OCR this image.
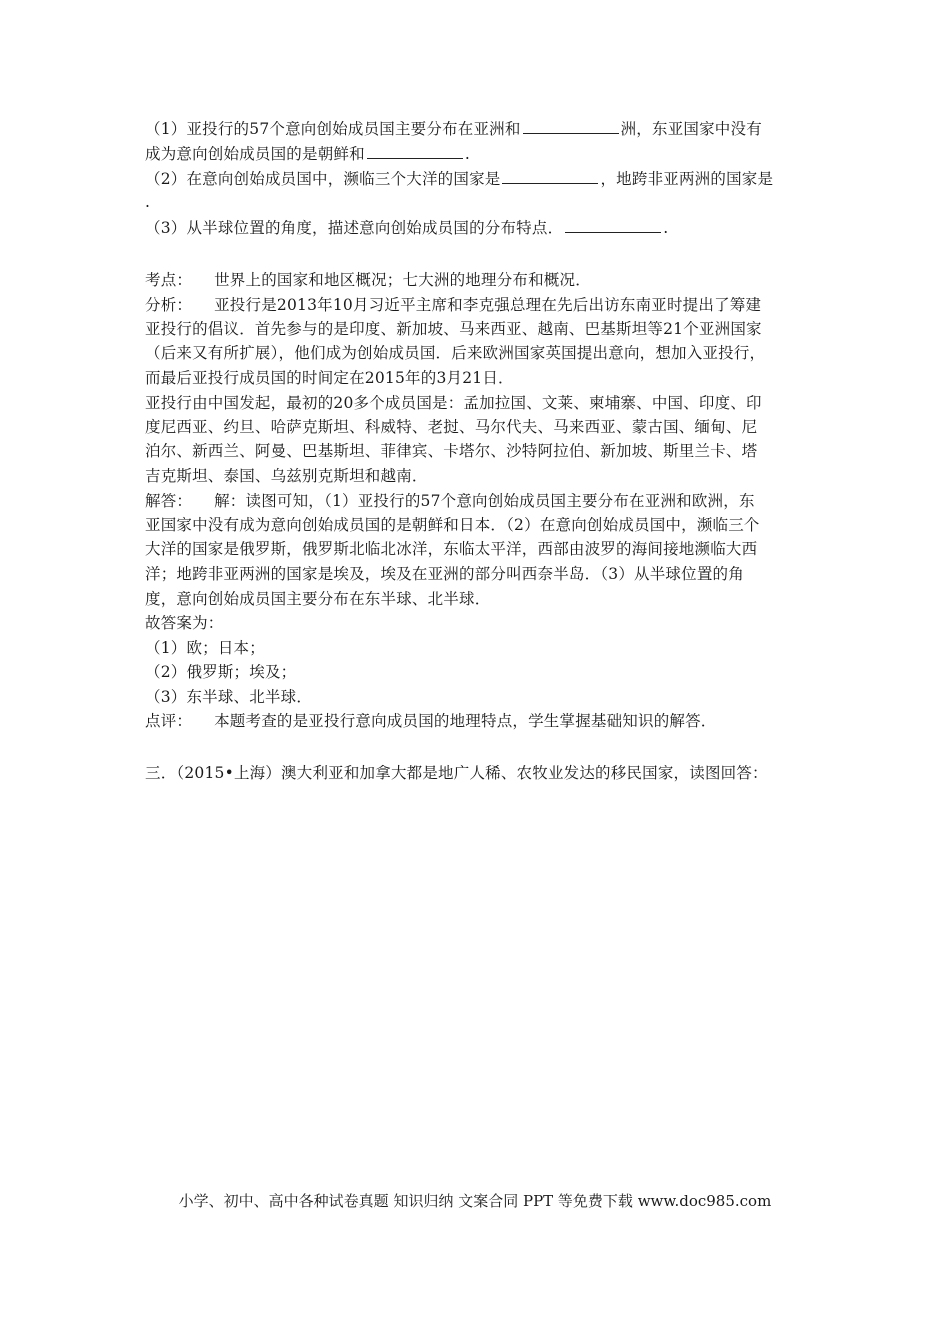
（1）亚投行的57个意向创始成员国主要分布在亚洲和	洲，东亚国家中没有
成为意向创始成员国的是朝鲜和	.
（2）在意向创始成员国中，濒临三个大洋的国家是	，地跨非亚两洲的国家是
.
（3）从半球位置的角度，描述意向创始成员国的分布特点．	.
考点： 世界上的国家和地区概况；七大洲的地理分布和概况．
分析： 亚投行是2013年10月习近平主席和李克强总理在先后出访东南亚时提出了筹建
亚投行的倡议．首先参与的是印度、新加坡、马来西亚、越南、巴基斯坦等21个亚洲国家
（后来又有所扩展），他们成为创始成员国．后来欧洲国家英国提出意向，想加入亚投行，
而最后亚投行成员国的时间定在2015年的3月21日．
亚投行由中国发起，最初的20多个成员国是：孟加拉国、文莱、柬埔寨、中国、印度、印
度尼西亚、约旦、哈萨克斯坦、科威特、老挝、马尔代夫、马来西亚、蒙古国、缅甸、尼
泊尔、新西兰、阿曼、巴基斯坦、菲律宾、卡塔尔、沙特阿拉伯、新加坡、斯里兰卡、塔
吉克斯坦、泰国、乌兹别克斯坦和越南．
解答： 解：读图可知，（1）亚投行的57个意向创始成员国主要分布在亚洲和欧洲，东
亚国家中没有成为意向创始成员国的是朝鲜和日本．（2）在意向创始成员国中，濒临三个
大洋的国家是俄罗斯，俄罗斯北临北冰洋，东临太平洋，西部由波罗的海间接地濒临大西
洋；地跨非亚两洲的国家是埃及，埃及在亚洲的部分叫西奈半岛．（3）从半球位置的角
度，意向创始成员国主要分布在东半球、北半球．
故答案为：
（1）欧；日本；
（2）俄罗斯；埃及；
（3）东半球、北半球．
点评： 本题考查的是亚投行意向成员国的地理特点，学生掌握基础知识的解答．
三．（2015•上海）澳大利亚和加拿大都是地广人稀、农牧业发达的移民国家，读图回答：
小学、初中、高中各种试卷真题 知识归纳 文案合同 PPT 等免费下载 www.doc985.com
